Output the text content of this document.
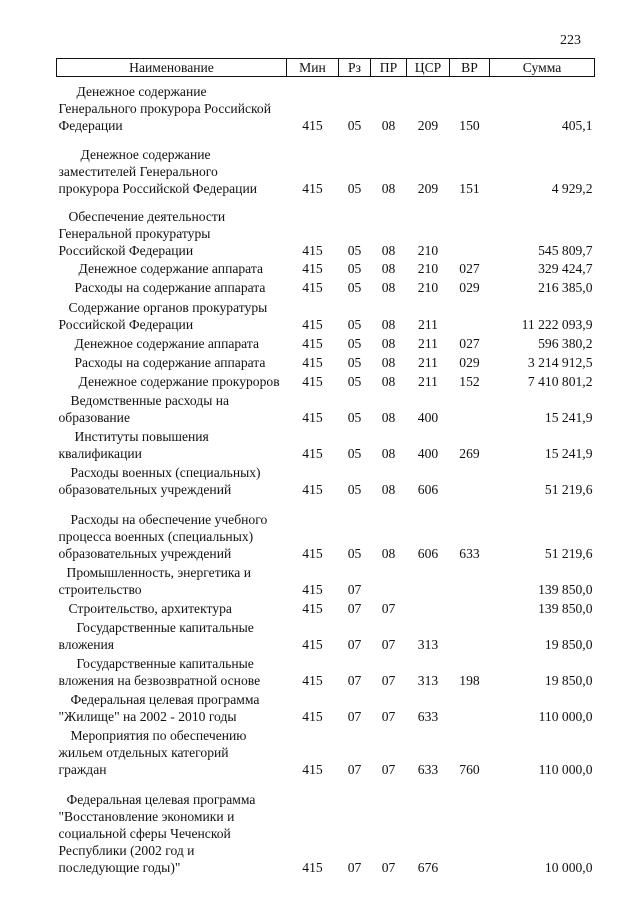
223
Наименование	Мин	Рз	ПР	ЦСР	ВР	Сумма

Денежное содержание
Генерального прокурора Российской
Федерации	415	05	08	209	150	405,1

Денежное содержание
заместителей Генерального
прокурора Российской Федерации	415	05	08	209	151	4 929,2

Обеспечение деятельности
Генеральной прокуратуры
Российской Федерации	415	05	08	210		545 809,7

Денежное содержание аппарата	415	05	08	210	027	329 424,7

Расходы на содержание аппарата	415	05	08	210	029	216 385,0

Содержание органов прокуратуры
Российской Федерации	415	05	08	211		11 222 093,9

Денежное содержание аппарата	415	05	08	211	027	596 380,2

Расходы на содержание аппарата	415	05	08	211	029	3 214 912,5

Денежное содержание прокуроров	415	05	08	211	152	7 410 801,2

Ведомственные расходы на
образование	415	05	08	400		15 241,9

Институты повышения
квалификации	415	05	08	400	269	15 241,9

Расходы военных (специальных)
образовательных учреждений	415	05	08	606		51 219,6

Расходы на обеспечение учебного
процесса военных (специальных)
образовательных учреждений	415	05	08	606	633	51 219,6

Промышленность, энергетика и
строительство	415	07				139 850,0

Строительство, архитектура	415	07	07			139 850,0

Государственные капитальные
вложения	415	07	07	313		19 850,0

Государственные капитальные
вложения на безвозвратной основе	415	07	07	313	198	19 850,0

Федеральная целевая программа
"Жилище" на 2002 - 2010 годы	415	07	07	633		110 000,0

Мероприятия по обеспечению
жильем отдельных категорий
граждан	415	07	07	633	760	110 000,0

Федеральная целевая программа
"Восстановление экономики и
социальной сферы Чеченской
Республики (2002 год и
последующие годы)"	415	07	07	676		10 000,0
